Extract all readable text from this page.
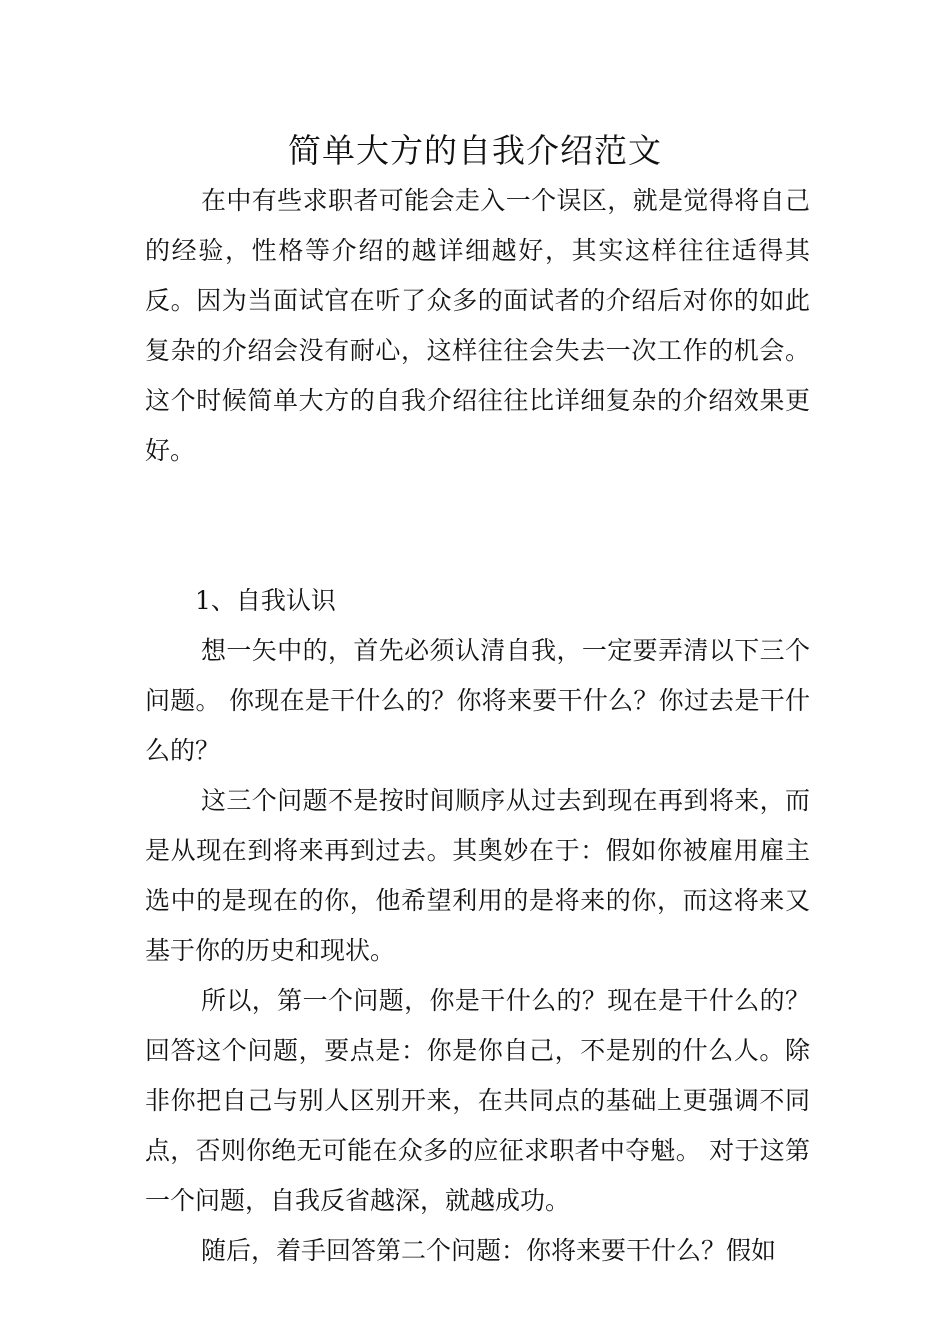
简单大方的自我介绍范文

在中有些求职者可能会走入一个误区，就是觉得将自己的经验，性格等介绍的越详细越好，其实这样往往适得其反。因为当面试官在听了众多的面试者的介绍后对你的如此复杂的介绍会没有耐心，这样往往会失去一次工作的机会。这个时候简单大方的自我介绍往往比详细复杂的介绍效果更好。

1、自我认识

想一矢中的，首先必须认清自我，一定要弄清以下三个问题。 你现在是干什么的？你将来要干什么？你过去是干什么的？

这三个问题不是按时间顺序从过去到现在再到将来，而是从现在到将来再到过去。其奥妙在于：假如你被雇用雇主选中的是现在的你，他希望利用的是将来的你，而这将来又基于你的历史和现状。

所以，第一个问题，你是干什么的？现在是干什么的？回答这个问题，要点是：你是你自己，不是别的什么人。除非你把自己与别人区别开来，在共同点的基础上更强调不同点，否则你绝无可能在众多的应征求职者中夺魁。 对于这第一个问题，自我反省越深，就越成功。

随后，着手回答第二个问题：你将来要干什么？假如
